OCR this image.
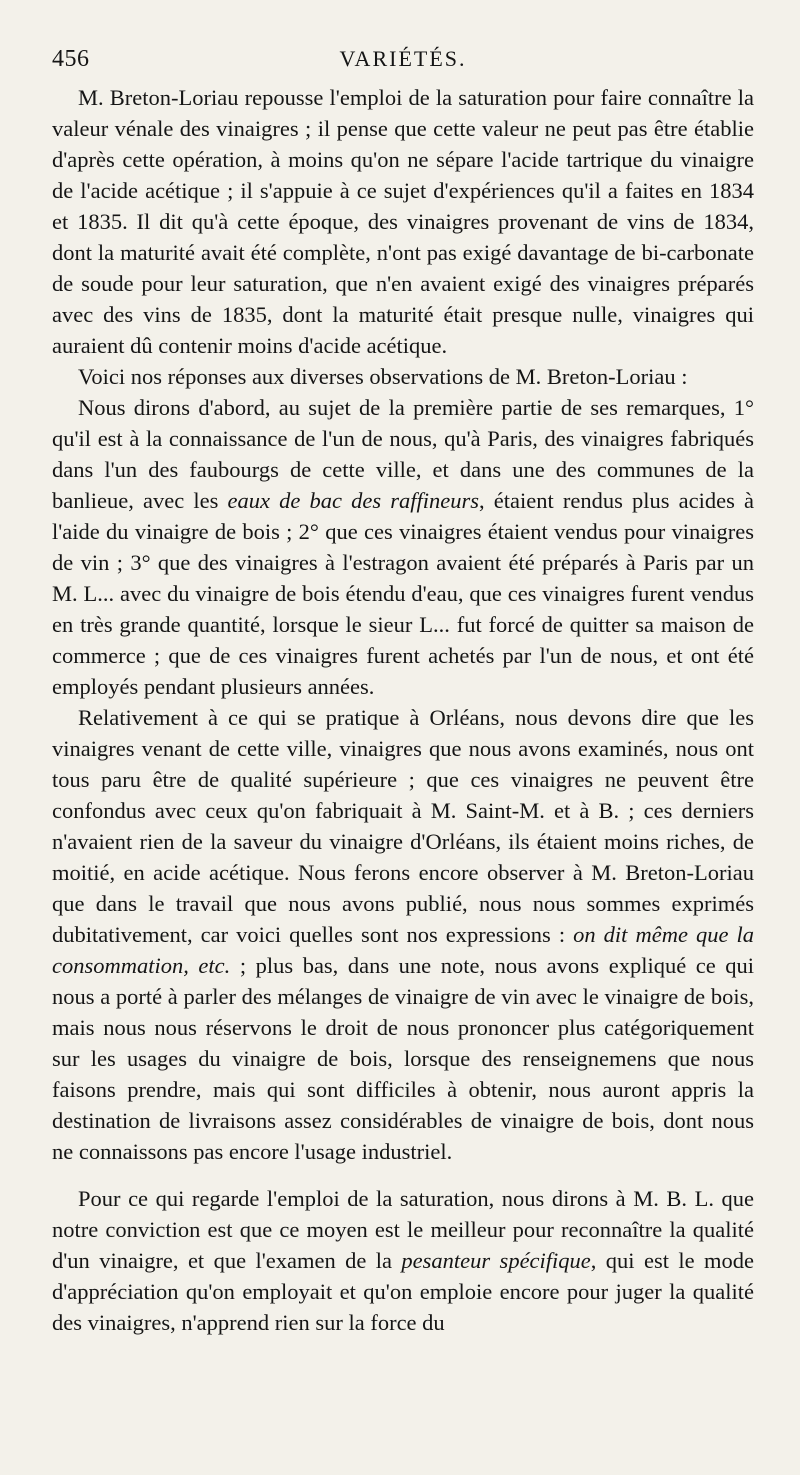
456	VARIÉTÉS.

M. Breton-Loriau repousse l'emploi de la saturation pour faire connaître la valeur vénale des vinaigres ; il pense que cette valeur ne peut pas être établie d'après cette opération, à moins qu'on ne sépare l'acide tartrique du vinaigre de l'acide acétique ; il s'appuie à ce sujet d'expériences qu'il a faites en 1834 et 1835. Il dit qu'à cette époque, des vinaigres provenant de vins de 1834, dont la maturité avait été complète, n'ont pas exigé davantage de bi-carbonate de soude pour leur saturation, que n'en avaient exigé des vinaigres préparés avec des vins de 1835, dont la maturité était presque nulle, vinaigres qui auraient dû contenir moins d'acide acétique.

Voici nos réponses aux diverses observations de M. Breton-Loriau :

Nous dirons d'abord, au sujet de la première partie de ses remarques, 1° qu'il est à la connaissance de l'un de nous, qu'à Paris, des vinaigres fabriqués dans l'un des faubourgs de cette ville, et dans une des communes de la banlieue, avec les eaux de bac des raffineurs, étaient rendus plus acides à l'aide du vinaigre de bois ; 2° que ces vinaigres étaient vendus pour vinaigres de vin ; 3° que des vinaigres à l'estragon avaient été préparés à Paris par un M. L... avec du vinaigre de bois étendu d'eau, que ces vinaigres furent vendus en très grande quantité, lorsque le sieur L... fut forcé de quitter sa maison de commerce ; que de ces vinaigres furent achetés par l'un de nous, et ont été employés pendant plusieurs années.

Relativement à ce qui se pratique à Orléans, nous devons dire que les vinaigres venant de cette ville, vinaigres que nous avons examinés, nous ont tous paru être de qualité supérieure ; que ces vinaigres ne peuvent être confondus avec ceux qu'on fabriquait à M. Saint-M. et à B. ; ces derniers n'avaient rien de la saveur du vinaigre d'Orléans, ils étaient moins riches, de moitié, en acide acétique. Nous ferons encore observer à M. Breton-Loriau que dans le travail que nous avons publié, nous nous sommes exprimés dubitativement, car voici quelles sont nos expressions : on dit même que la consommation, etc. ; plus bas, dans une note, nous avons expliqué ce qui nous a porté à parler des mélanges de vinaigre de vin avec le vinaigre de bois, mais nous nous réservons le droit de nous prononcer plus catégoriquement sur les usages du vinaigre de bois, lorsque des renseignemens que nous faisons prendre, mais qui sont difficiles à obtenir, nous auront appris la destination de livraisons assez considérables de vinaigre de bois, dont nous ne connaissons pas encore l'usage industriel.

Pour ce qui regarde l'emploi de la saturation, nous dirons à M. B. L. que notre conviction est que ce moyen est le meilleur pour reconnaître la qualité d'un vinaigre, et que l'examen de la pesanteur spécifique, qui est le mode d'appréciation qu'on employait et qu'on emploie encore pour juger la qualité des vinaigres, n'apprend rien sur la force du
